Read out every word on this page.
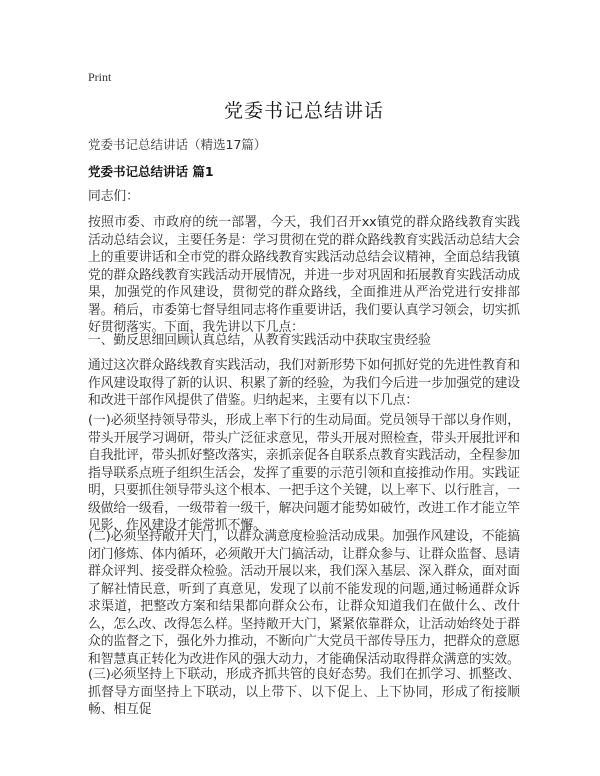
Print
党委书记总结讲话
党委书记总结讲话（精选17篇）
党委书记总结讲话 篇1
同志们：
按照市委、市政府的统一部署，今天，我们召开xx镇党的群众路线教育实践活动总结会议，主要任务是：学习贯彻在党的群众路线教育实践活动总结大会上的重要讲话和全市党的群众路线教育实践活动总结会议精神，全面总结我镇党的群众路线教育实践活动开展情况，并进一步对巩固和拓展教育实践活动成果，加强党的作风建设，贯彻党的群众路线，全面推进从严治党进行安排部署。稍后，市委第七督导组同志将作重要讲话，我们要认真学习领会，切实抓好贯彻落实。下面，我先讲以下几点：
一、勤反思细回顾认真总结，从教育实践活动中获取宝贵经验
通过这次群众路线教育实践活动，我们对新形势下如何抓好党的先进性教育和作风建设取得了新的认识、积累了新的经验，为我们今后进一步加强党的建设和改进干部作风提供了借鉴。归纳起来，主要有以下几点：
(一)必须坚持领导带头，形成上率下行的生动局面。党员领导干部以身作则，带头开展学习调研，带头广泛征求意见，带头开展对照检查，带头开展批评和自我批评，带头抓好整改落实，亲抓亲促各自联系点教育实践活动，全程参加指导联系点班子组织生活会，发挥了重要的示范引领和直接推动作用。实践证明，只要抓住领导带头这个根本、一把手这个关键，以上率下、以行胜言，一级做给一级看，一级带着一级干，解决问题才能势如破竹，改进工作才能立竿见影，作风建设才能常抓不懈。
(二)必须坚持敞开大门，以群众满意度检验活动成果。加强作风建设，不能搞闭门修炼、体内循环，必须敞开大门搞活动，让群众参与、让群众监督、恳请群众评判、接受群众检验。活动开展以来，我们深入基层、深入群众，面对面了解社情民意，听到了真意见，发现了以前不能发现的问题,通过畅通群众诉求渠道，把整改方案和结果都向群众公布，让群众知道我们在做什么、改什么，怎么改、改得怎么样。坚持敞开大门，紧紧依靠群众，让活动始终处于群众的监督之下，强化外力推动，不断向广大党员干部传导压力，把群众的意愿和智慧真正转化为改进作风的强大动力，才能确保活动取得群众满意的实效。
(三)必须坚持上下联动，形成齐抓共管的良好态势。我们在抓学习、抓整改、抓督导方面坚持上下联动，以上带下、以下促上、上下协同，形成了衔接顺畅、相互促
